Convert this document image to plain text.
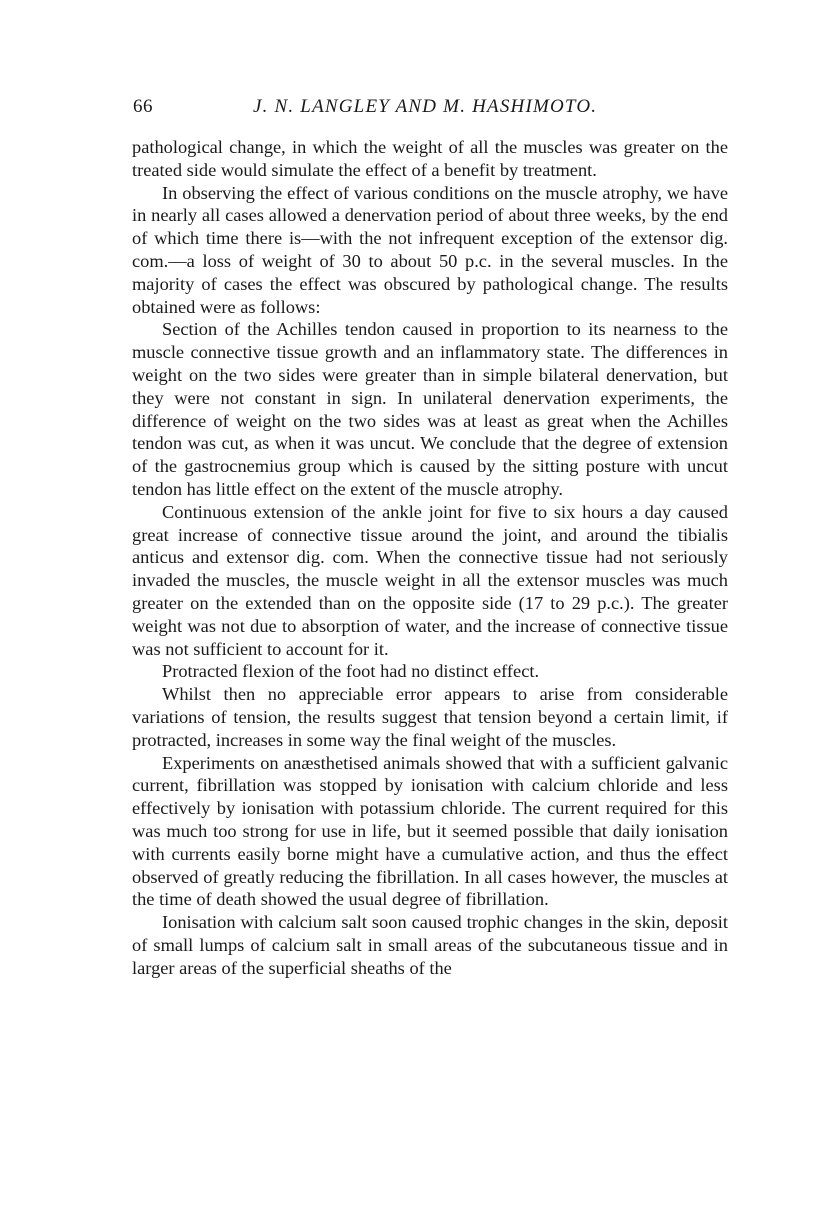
66	J. N. LANGLEY AND M. HASHIMOTO.

pathological change, in which the weight of all the muscles was greater on the treated side would simulate the effect of a benefit by treatment.

In observing the effect of various conditions on the muscle atrophy, we have in nearly all cases allowed a denervation period of about three weeks, by the end of which time there is—with the not infrequent exception of the extensor dig. com.—a loss of weight of 30 to about 50 p.c. in the several muscles. In the majority of cases the effect was obscured by pathological change. The results obtained were as follows:

Section of the Achilles tendon caused in proportion to its nearness to the muscle connective tissue growth and an inflammatory state. The differences in weight on the two sides were greater than in simple bilateral denervation, but they were not constant in sign. In unilateral denervation experiments, the difference of weight on the two sides was at least as great when the Achilles tendon was cut, as when it was uncut. We conclude that the degree of extension of the gastrocnemius group which is caused by the sitting posture with uncut tendon has little effect on the extent of the muscle atrophy.

Continuous extension of the ankle joint for five to six hours a day caused great increase of connective tissue around the joint, and around the tibialis anticus and extensor dig. com. When the connective tissue had not seriously invaded the muscles, the muscle weight in all the extensor muscles was much greater on the extended than on the opposite side (17 to 29 p.c.). The greater weight was not due to absorption of water, and the increase of connective tissue was not sufficient to account for it.

Protracted flexion of the foot had no distinct effect.

Whilst then no appreciable error appears to arise from considerable variations of tension, the results suggest that tension beyond a certain limit, if protracted, increases in some way the final weight of the muscles.

Experiments on anæsthetised animals showed that with a sufficient galvanic current, fibrillation was stopped by ionisation with calcium chloride and less effectively by ionisation with potassium chloride. The current required for this was much too strong for use in life, but it seemed possible that daily ionisation with currents easily borne might have a cumulative action, and thus the effect observed of greatly reducing the fibrillation. In all cases however, the muscles at the time of death showed the usual degree of fibrillation.

Ionisation with calcium salt soon caused trophic changes in the skin, deposit of small lumps of calcium salt in small areas of the subcutaneous tissue and in larger areas of the superficial sheaths of the
